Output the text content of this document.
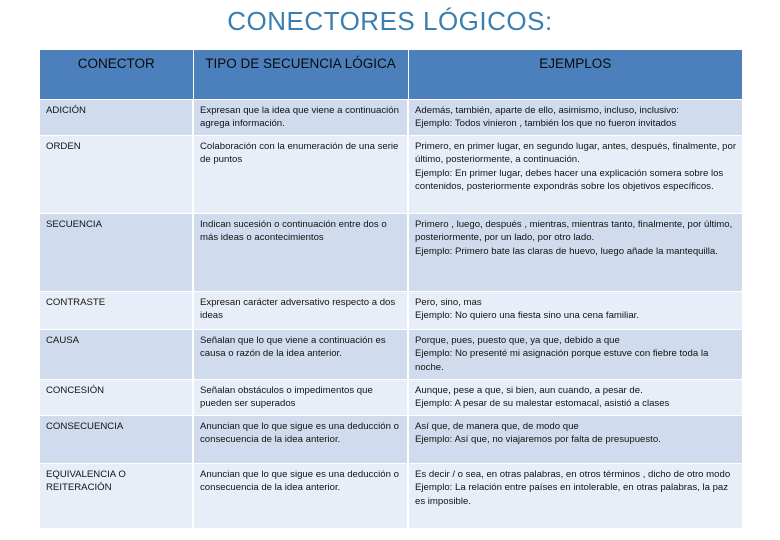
CONECTORES LÓGICOS:
CONECTOR	TIPO DE SECUENCIA LÓGICA	EJEMPLOS
ADICIÓN	Expresan que la idea que viene a continuación agrega información.	Además, también, aparte de ello, asimismo, incluso, inclusivo:
Ejemplo: Todos vinieron , también los que no fueron invitados

ORDEN	Colaboración con la enumeración de una serie de puntos	Primero, en primer lugar, en segundo lugar, antes, después, finalmente, por último, posteriormente, a continuación.
Ejemplo: En primer lugar, debes hacer una explicación somera sobre los contenidos, posteriormente expondrás sobre los objetivos específicos.

SECUENCIA	Indican sucesión o continuación entre dos o más ideas o acontecimientos	Primero , luego, después , mientras, mientras tanto, finalmente, por último, posteriormente, por un lado, por otro lado.
Ejemplo: Primero bate las claras de huevo, luego añade la mantequilla.

CONTRASTE	Expresan carácter adversativo respecto a dos ideas	Pero, sino, mas
Ejemplo: No quiero una fiesta sino una cena familiar.

CAUSA	Señalan que lo que viene a continuación es causa o razón de la idea anterior.	Porque, pues, puesto que, ya que, debido a que
Ejemplo: No presenté mi asignación porque estuve con fiebre toda la noche.

CONCESIÓN	Señalan obstáculos o impedimentos que pueden ser superados	Aunque, pese a que, si bien, aun cuando, a pesar de.
Ejemplo: A pesar de su malestar estomacal, asistió a clases

CONSECUENCIA	Anuncian que lo que sigue es una deducción o consecuencia de la idea anterior.	Así que, de manera que, de modo que
Ejemplo: Así que, no viajaremos por falta de presupuesto.

EQUIVALENCIA O REITERACIÓN	Anuncian que lo que sigue es una deducción o consecuencia de la idea anterior.	Es decir / o sea, en otras palabras, en otros términos , dicho de otro modo
Ejemplo: La relación entre países en intolerable, en otras palabras, la paz es imposible.
